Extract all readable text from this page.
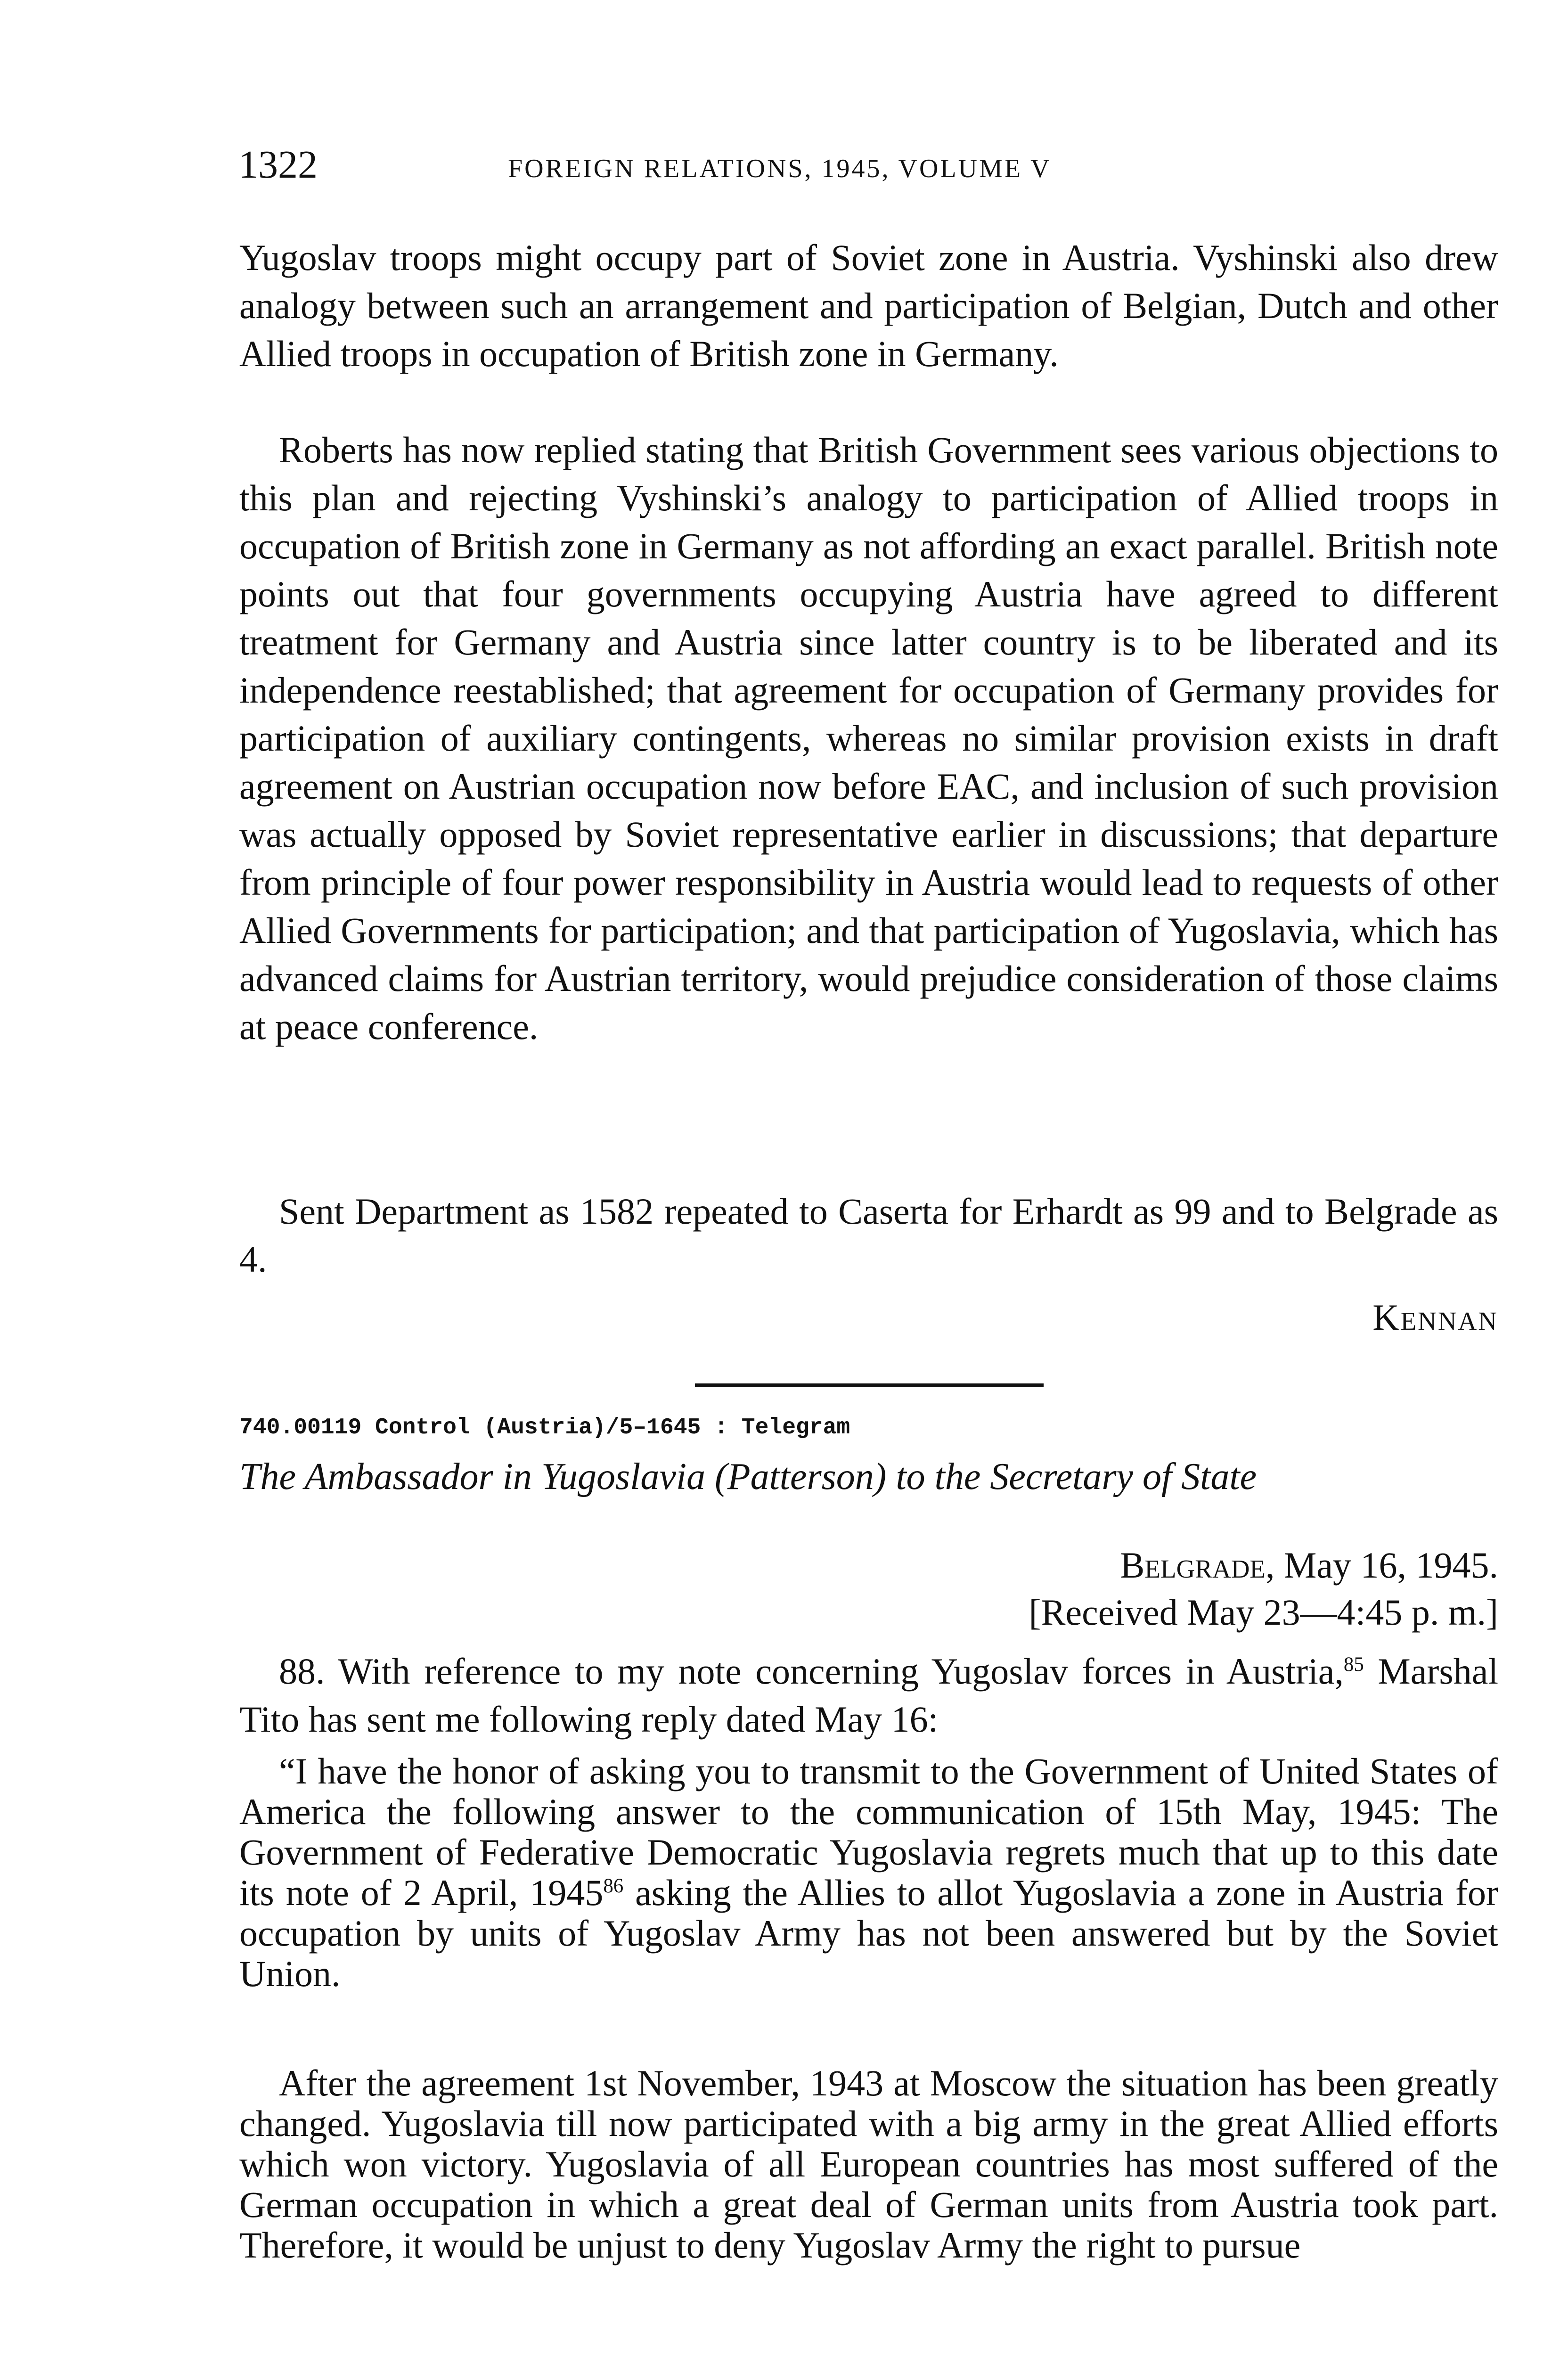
1322	FOREIGN RELATIONS, 1945, VOLUME V

Yugoslav troops might occupy part of Soviet zone in Austria. Vyshinski also drew analogy between such an arrangement and participation of Belgian, Dutch and other Allied troops in occupation of British zone in Germany.

Roberts has now replied stating that British Government sees various objections to this plan and rejecting Vyshinski’s analogy to participation of Allied troops in occupation of British zone in Germany as not affording an exact parallel. British note points out that four governments occupying Austria have agreed to different treatment for Germany and Austria since latter country is to be liberated and its independence reestablished; that agreement for occupation of Germany provides for participation of auxiliary contingents, whereas no similar provision exists in draft agreement on Austrian occupation now before EAC, and inclusion of such provision was actually opposed by Soviet representative earlier in discussions; that departure from principle of four power responsibility in Austria would lead to requests of other Allied Governments for participation; and that participation of Yugoslavia, which has advanced claims for Austrian territory, would prejudice consideration of those claims at peace conference.

Sent Department as 1582 repeated to Caserta for Erhardt as 99 and to Belgrade as 4.

Kennan
740.00119 Control (Austria)/5–1645 : Telegram
The Ambassador in Yugoslavia (Patterson) to the Secretary of State
Belgrade, May 16, 1945.
[Received May 23—4:45 p. m.]

88. With reference to my note concerning Yugoslav forces in Austria,$^{85}$ Marshal Tito has sent me following reply dated May 16:

“I have the honor of asking you to transmit to the Government of United States of America the following answer to the communication of 15th May, 1945: The Government of Federative Democratic Yugoslavia regrets much that up to this date its note of 2 April, 1945$^{86}$ asking the Allies to allot Yugoslavia a zone in Austria for occupation by units of Yugoslav Army has not been answered but by the Soviet Union.

After the agreement 1st November, 1943 at Moscow the situation has been greatly changed. Yugoslavia till now participated with a big army in the great Allied efforts which won victory. Yugoslavia of all European countries has most suffered of the German occupation in which a great deal of German units from Austria took part. Therefore, it would be unjust to deny Yugoslav Army the right to pursue
